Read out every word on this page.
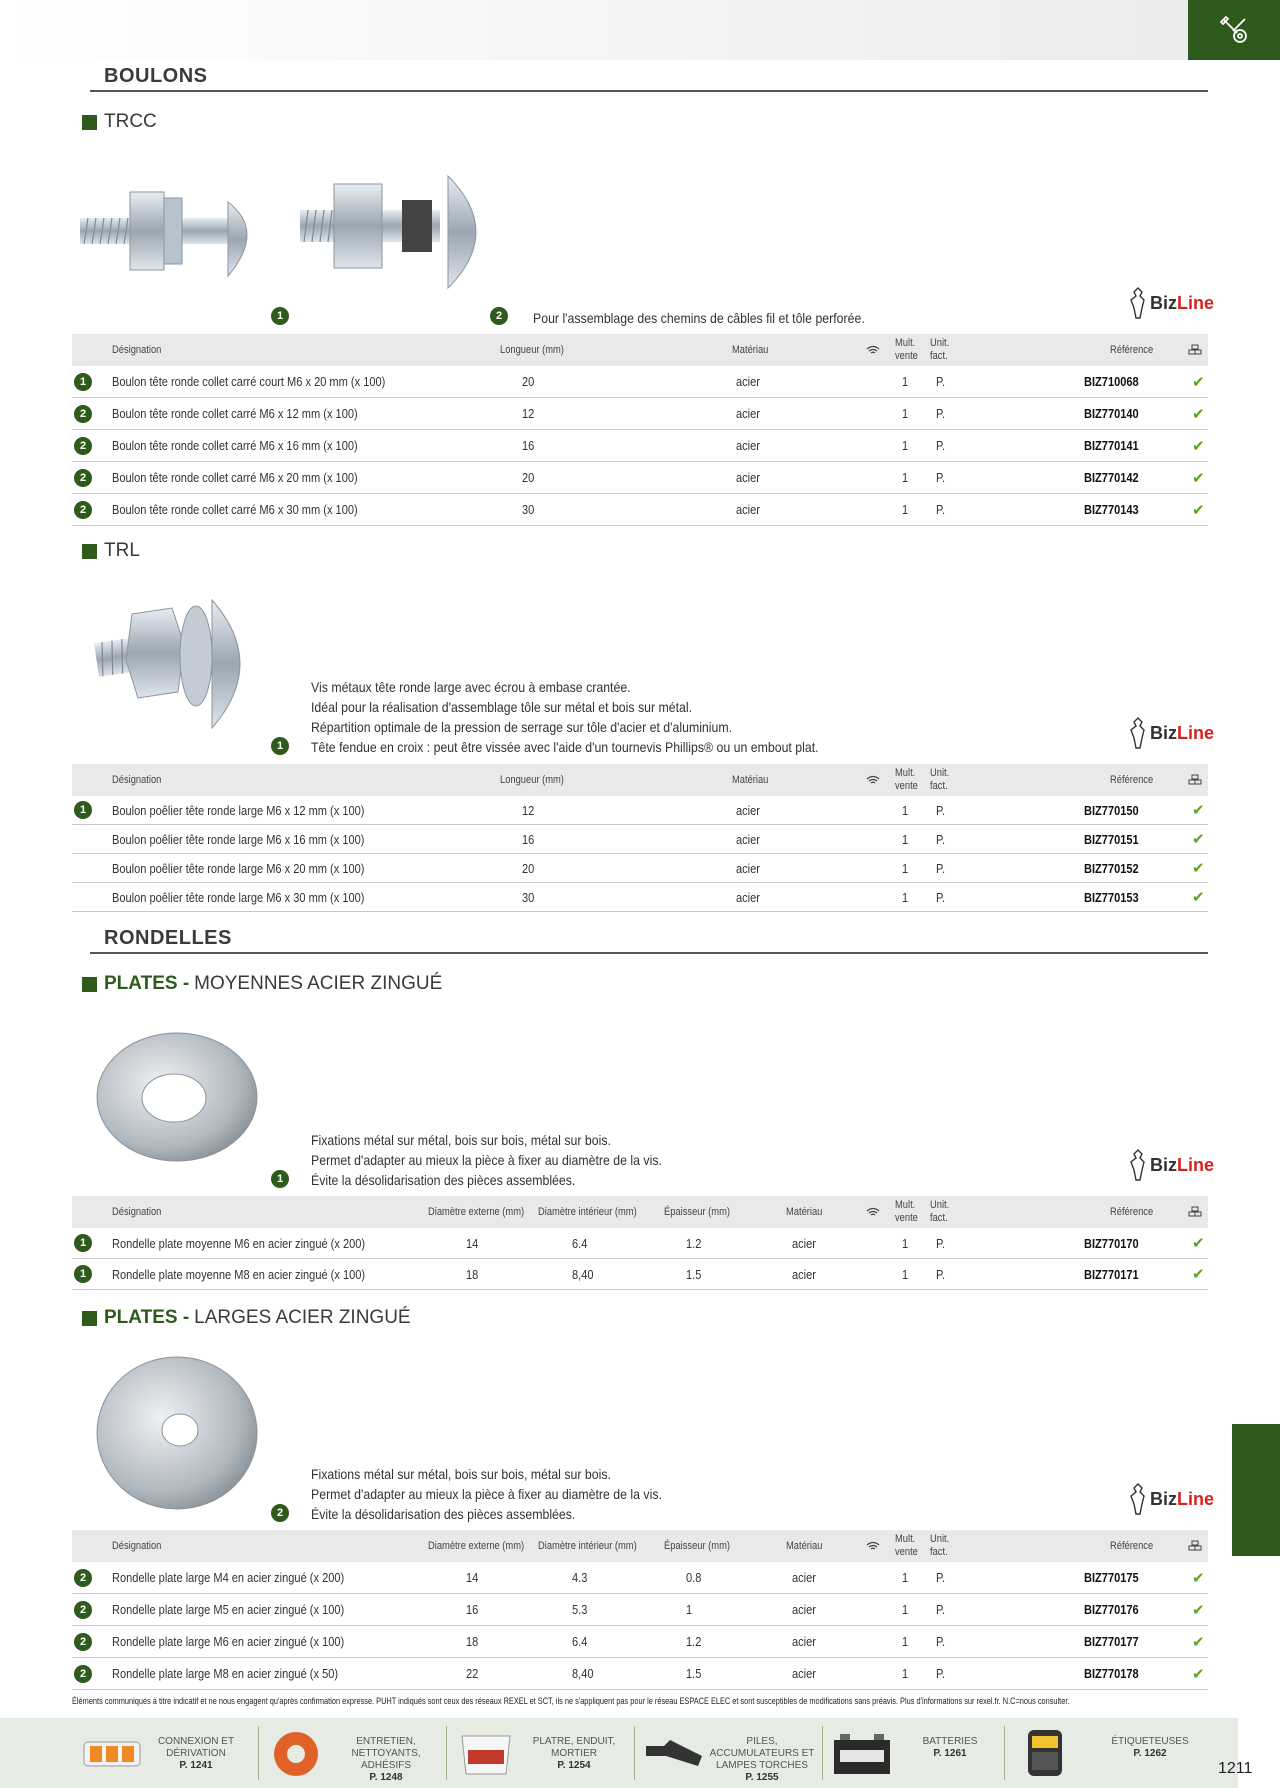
BOULONS
TRCC
1	2	Pour l'assemblage des chemins de câbles fil et tôle perforée.
BizLine
Désignation	Longueur (mm)	Matériau
Mult.
vente
Unit.
fact.	Référence
1	Boulon tête ronde collet carré court M6 x 20 mm (x 100)	20	acier	1 P.	BIZ710068	✔
2	Boulon tête ronde collet carré M6 x 12 mm (x 100)	12	acier	1 P.	BIZ770140	✔
2	Boulon tête ronde collet carré M6 x 16 mm (x 100)	16	acier	1 P.	BIZ770141	✔
2	Boulon tête ronde collet carré M6 x 20 mm (x 100)	20	acier	1 P.	BIZ770142	✔
2	Boulon tête ronde collet carré M6 x 30 mm (x 100)	30	acier	1 P.	BIZ770143	✔
TRL
1
Vis métaux tête ronde large avec écrou à embase crantée.
Idéal pour la réalisation d'assemblage tôle sur métal et bois sur métal.
Répartition optimale de la pression de serrage sur tôle d'acier et d'aluminium.
Tête fendue en croix : peut être vissée avec l'aide d'un tournevis Phillips® ou un embout plat.
BizLine
Désignation	Longueur (mm)	Matériau
Mult.
vente
Unit.
fact.	Référence
1	Boulon poêlier tête ronde large M6 x 12 mm (x 100)	12	acier	1 P.	BIZ770150	✔
Boulon poêlier tête ronde large M6 x 16 mm (x 100)	16	acier	1 P.	BIZ770151	✔
Boulon poêlier tête ronde large M6 x 20 mm (x 100)	20	acier	1 P.	BIZ770152	✔
Boulon poêlier tête ronde large M6 x 30 mm (x 100)	30	acier	1 P.	BIZ770153	✔
RONDELLES
PLATES - MOYENNES ACIER ZINGUÉ
1
Fixations métal sur métal, bois sur bois, métal sur bois.
Permet d'adapter au mieux la pièce à fixer au diamètre de la vis.
Évite la désolidarisation des pièces assemblées.
BizLine
Désignation	Diamètre externe (mm) Diamètre intérieur (mm) Épaisseur (mm)	Matériau
Mult.
vente
Unit.
fact.	Référence
1	Rondelle plate moyenne M6 en acier zingué (x 200)	14	6.4	1.2	acier	1 P.	BIZ770170	✔
1	Rondelle plate moyenne M8 en acier zingué (x 100)	18	8,40	1.5	acier	1 P.	BIZ770171	✔
PLATES - LARGES ACIER ZINGUÉ
2
Fixations métal sur métal, bois sur bois, métal sur bois.
Permet d'adapter au mieux la pièce à fixer au diamètre de la vis.
Évite la désolidarisation des pièces assemblées.
BizLine
Désignation	Diamètre externe (mm) Diamètre intérieur (mm) Épaisseur (mm)	Matériau
Mult.
vente
Unit.
fact.	Référence
2	Rondelle plate large M4 en acier zingué (x 200)	14	4.3	0.8	acier	1 P.	BIZ770175	✔
2	Rondelle plate large M5 en acier zingué (x 100)	16	5.3	1	acier	1 P.	BIZ770176	✔
2	Rondelle plate large M6 en acier zingué (x 100)	18	6.4	1.2	acier	1 P.	BIZ770177	✔
2	Rondelle plate large M8 en acier zingué (x 50)	22	8,40	1.5	acier	1 P.	BIZ770178	✔
Éléments communiqués à titre indicatif et ne nous engagent qu'après confirmation expresse. PUHT indiqués sont ceux des réseaux REXEL et SCT, ils ne s'appliquent pas pour le réseau ESPACE ELEC et sont susceptibles de modifications sans préavis. Plus d'informations sur rexel.fr. N.C=nous consulter.
CONNEXION ET DÉRIVATION
P. 1241
ENTRETIEN, NETTOYANTS, ADHÉSIFS
P. 1248
PLATRE, ENDUIT, MORTIER
P. 1254
PILES, ACCUMULATEURS ET LAMPES TORCHES
P. 1255
BATTERIES
P. 1261
ÉTIQUETEUSES
P. 1262
1211
